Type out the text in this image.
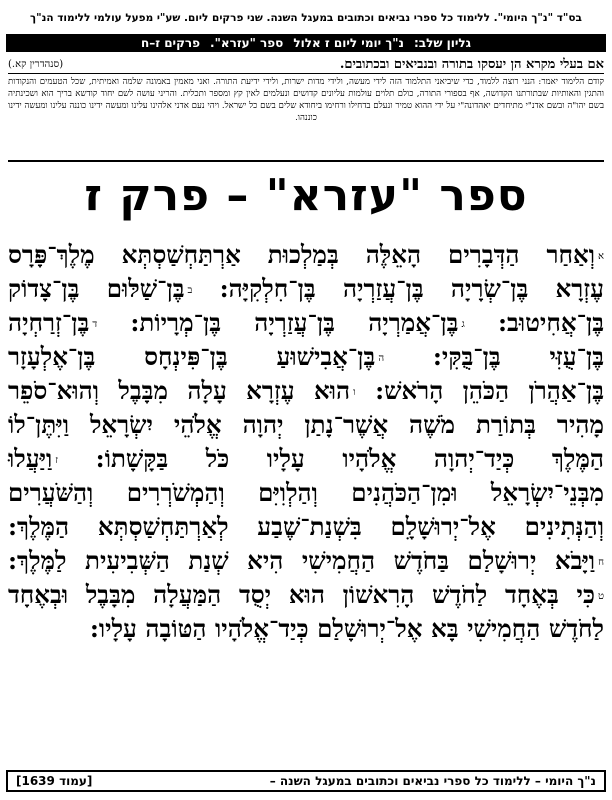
בס"ד "נ"ך היומי". ללימוד כל ספרי נביאים וכתובים במעגל השנה. שני פרקים ליום. שע"י מפעל עולמי ללימוד הנ"ך
גליון שלב:
נ"ך יומי ליום ז אלול
ספר "עזרא".
פרקים ז–ח
אם בעלי מקרא הן יעסקו בתורה ובנביאים ובכתובים.
(סנהדרין קא.)
קודם הלימוד יאמר: הנני רוצה ללמוד, כדי שיביאני התלמוד הזה לידי מעשה, ולידי מדות ישרות, ולידי ידיעת התורה. ואני מאמין באמונה שלמה ואמיתית, שכל הטעמים והנקודות והתגין והאותיות שבתורתנו הקדושה, אף בספורי התורה, כולם תלוים עולמות עליונים קדושים ונעלמים לאין קץ ומספר ותכלית. והריני עושה לשם יחוד קודשא בריך הוא ושכינתיה בשם יהו"ה ובשם אדנ"י מתיחדים יאהדונה"י על ידי ההוא טמיר ונעלם בדחילו ורחימו ביחודא שלים בשם כל ישראל. ויהי נעם אדני אלהינו עלינו ומעשה ידינו כוננה עלינו ומעשה ידינו כוננהו.
ספר "עזרא" – פרק ז
אוְאַחַר הַדְּבָרִים הָאֵלֶּה בְּמַלְכוּת אַרְתַּחְשַׁסְתְּא מֶלֶךְ־פָּרָס
עֶזְרָא בֶּן־שְׂרָיָה בֶּן־עֲזַרְיָה בֶּן־חִלְקִיָּה: בבֶּן־שַׁלּוּם בֶּן־צָדוֹק
בֶּן־אֲחִיטוּב: גבֶּן־אֲמַרְיָה בֶּן־עֲזַרְיָה בֶּן־מְרָיוֹת: דבֶּן־זְרַחְיָה
בֶּן־עֻזִּי בֶּן־בֻּקִּי: הבֶּן־אֲבִישׁוּעַ בֶּן־פִּינְחָס בֶּן־אֶלְעָזָר
בֶּן־אַהֲרֹן הַכֹּהֵן הָרֹאשׁ: והוּא עֶזְרָא עָלָה מִבָּבֶל וְהוּא־סֹפֵר
מָהִיר בְּתוֹרַת מֹשֶׁה אֲשֶׁר־נָתַן יְהוָה אֱלֹהֵי יִשְׂרָאֵל וַיִּתֶּן־לוֹ
הַמֶּלֶךְ כְּיַד־יְהוָה אֱלֹהָיו עָלָיו כֹּל בַּקָּשָׁתוֹ: זוַיַּעֲלוּ
מִבְּנֵי־יִשְׂרָאֵל וּמִן־הַכֹּהֲנִים וְהַלְוִיִּם וְהַמְשֹׁרְרִים וְהַשֹּׁעֲרִים
וְהַנְּתִינִים אֶל־יְרוּשָׁלִָם בִּשְׁנַת־שֶׁבַע לְאַרְתַּחְשַׁסְתְּא הַמֶּלֶךְ:
חוַיָּבֹא יְרוּשָׁלַם בַּחֹדֶשׁ הַחֲמִישִׁי הִיא שְׁנַת הַשְּׁבִיעִית לַמֶּלֶךְ:
טכִּי בְּאֶחָד לַחֹדֶשׁ הָרִאשׁוֹן הוּא יְסֻד הַמַּעֲלָה מִבָּבֶל וּבְאֶחָד
לַחֹדֶשׁ הַחֲמִישִׁי בָּא אֶל־יְרוּשָׁלַם כְּיַד־אֱלֹהָיו הַטּוֹבָה עָלָיו:
נ"ך היומי – ללימוד כל ספרי נביאים וכתובים במעגל השנה –
[עמוד 1639]
